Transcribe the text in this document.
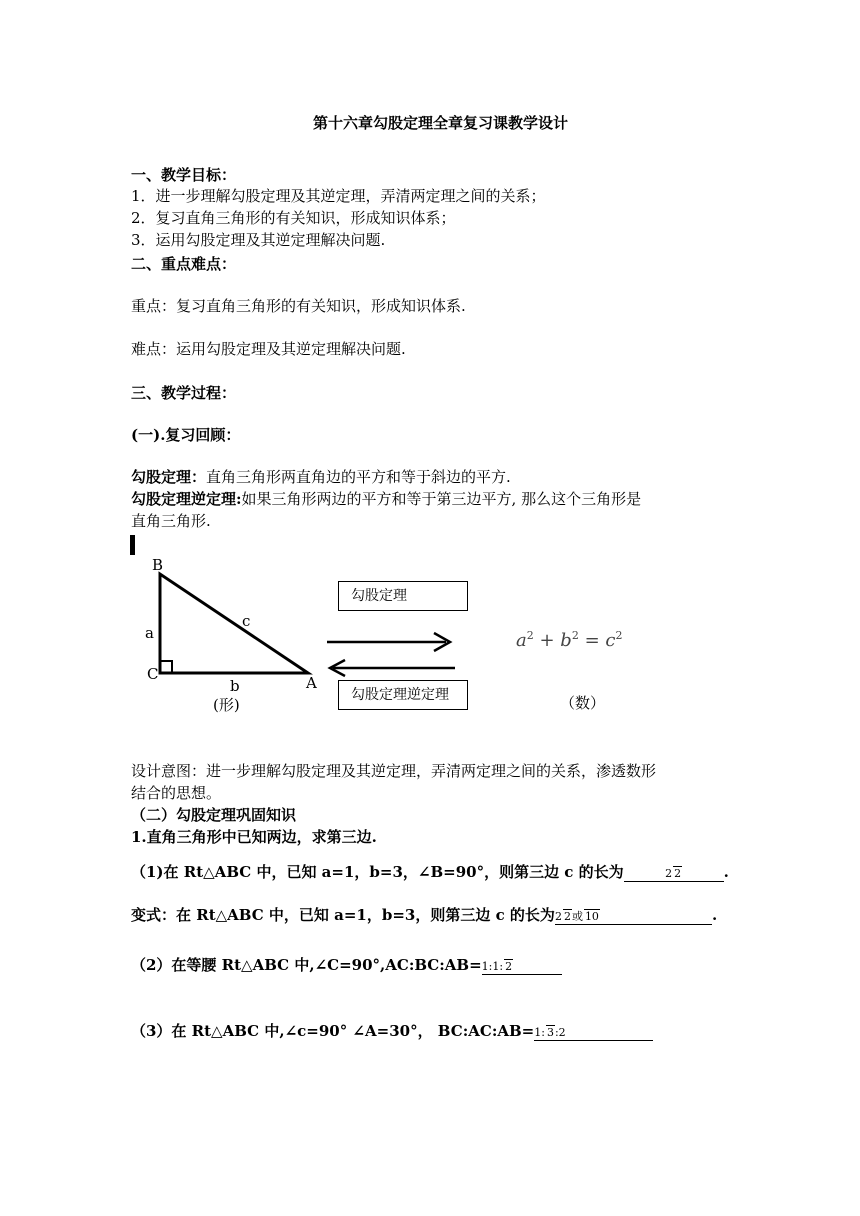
第十六章勾股定理全章复习课教学设计
一、教学目标：
1．进一步理解勾股定理及其逆定理，弄清两定理之间的关系；
2．复习直角三角形的有关知识，形成知识体系；
3．运用勾股定理及其逆定理解决问题.
二、重点难点：
重点：复习直角三角形的有关知识，形成知识体系.
难点：运用勾股定理及其逆定理解决问题.
三、教学过程：
(一).复习回顾：
勾股定理：直角三角形两直角边的平方和等于斜边的平方.
勾股定理逆定理:如果三角形两边的平方和等于第三边平方, 那么这个三角形是
直角三角形.
B
C	A
a
b
c
(形)
勾股定理
勾股定理逆定理
$a^2 + b^2 = c^2$
（数）
设计意图：进一步理解勾股定理及其逆定理，弄清两定理之间的关系，渗透数形
结合的思想。
（二）勾股定理巩固知识
1.直角三角形中已知两边，求第三边.
（1)在 Rt△ABC 中，已知 a=1，b=3，∠B=90°，则第三边 c 的长为	2 2	.
变式：在 Rt△ABC 中，已知 a=1，b=3，则第三边 c 的长为2 2或 10	.
（2）在等腰 Rt△ABC 中,∠C=90°,AC:BC:AB=1:1: 2
（3）在 Rt△ABC 中,∠c=90° ∠A=30°， BC:AC:AB=1: 3:2
